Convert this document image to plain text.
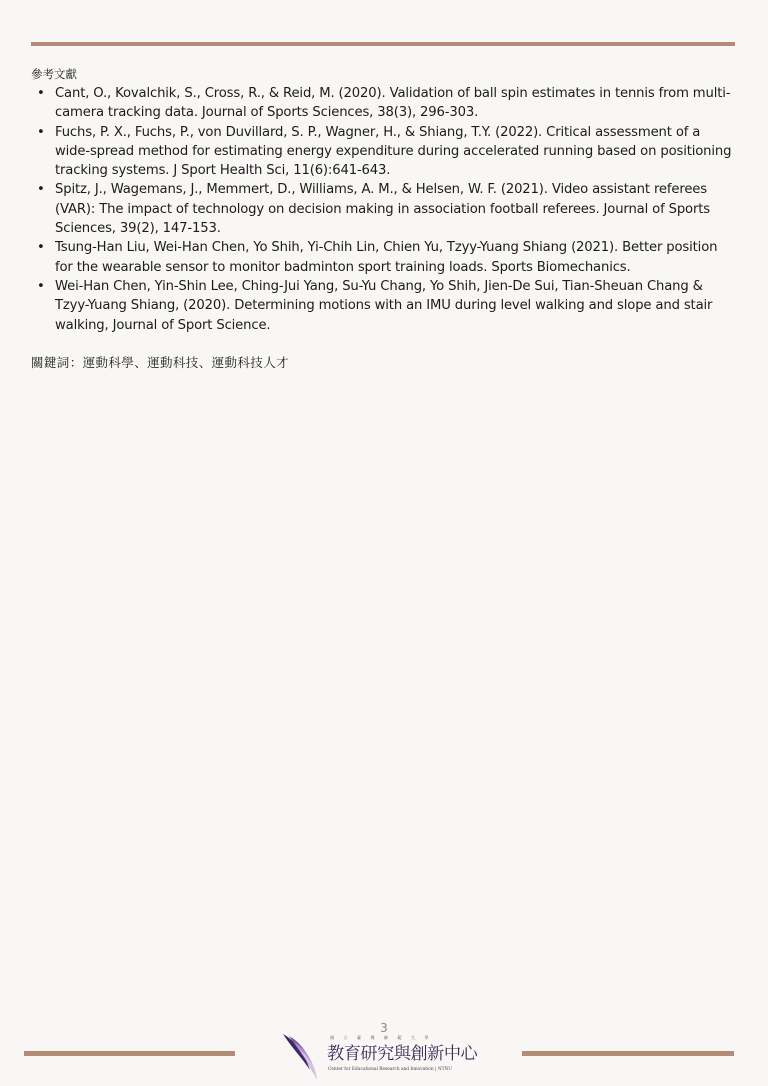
參考文獻
• Cant, O., Kovalchik, S., Cross, R., & Reid, M. (2020). Validation of ball spin estimates in tennis from multi-camera tracking data. Journal of Sports Sciences, 38(3), 296-303.
• Fuchs, P. X., Fuchs, P., von Duvillard, S. P., Wagner, H., & Shiang, T.Y. (2022). Critical assessment of a wide-spread method for estimating energy expenditure during accelerated running based on positioning tracking systems. J Sport Health Sci, 11(6):641-643.
• Spitz, J., Wagemans, J., Memmert, D., Williams, A. M., & Helsen, W. F. (2021). Video assistant referees (VAR): The impact of technology on decision making in association football referees. Journal of Sports Sciences, 39(2), 147-153.
• Tsung-Han Liu, Wei-Han Chen, Yo Shih, Yi-Chih Lin, Chien Yu, Tzyy-Yuang Shiang (2021). Better position for the wearable sensor to monitor badminton sport training loads. Sports Biomechanics.
• Wei-Han Chen, Yin-Shin Lee, Ching-Jui Yang, Su-Yu Chang, Yo Shih, Jien-De Sui, Tian-Sheuan Chang & Tzyy-Yuang Shiang, (2020). Determining motions with an IMU during level walking and slope and stair walking, Journal of Sport Science.
關鍵詞：運動科學、運動科技、運動科技人才
3
國立臺灣師範大學
教育研究與創新中心
Center for Educational Research and Innovation | NTNU
